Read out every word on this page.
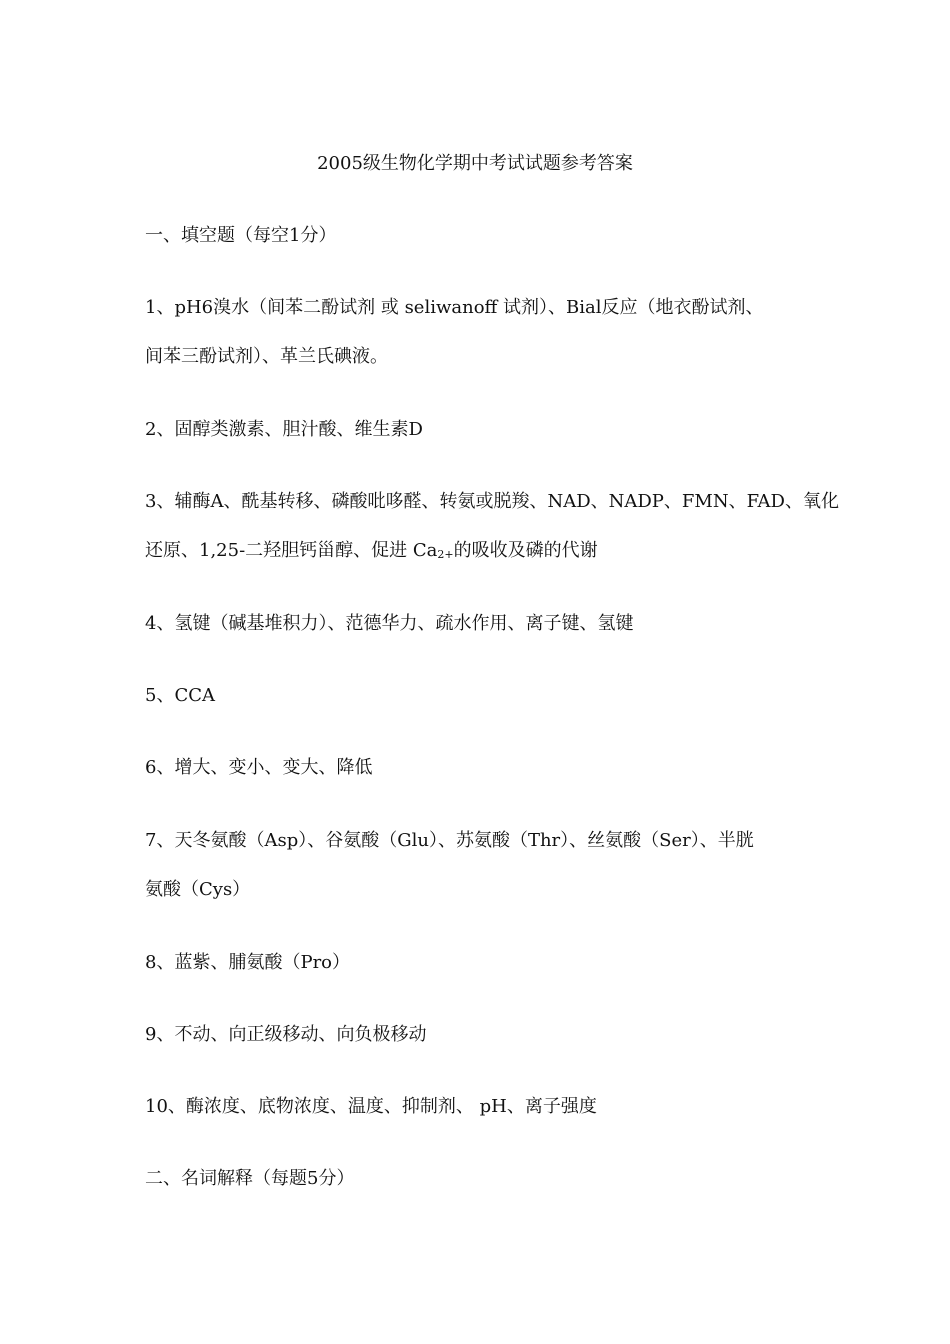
2005级生物化学期中考试试题参考答案
一、填空题（每空1分）
1、pH6溴水（间苯二酚试剂 或 seliwanoff 试剂）、Bial反应（地衣酚试剂、
间苯三酚试剂）、革兰氏碘液。
2、固醇类激素、胆汁酸、维生素D
3、辅酶A、酰基转移、磷酸吡哆醛、转氨或脱羧、NAD、NADP、FMN、FAD、氧化
还原、1,25-二羟胆钙甾醇、促进 $Ca_{2+}$的吸收及磷的代谢
4、氢键（碱基堆积力）、范德华力、疏水作用、离子键、氢键
5、CCA
6、增大、变小、变大、降低
7、天冬氨酸（Asp）、谷氨酸（Glu）、苏氨酸（Thr）、丝氨酸（Ser）、半胱
氨酸（Cys）
8、蓝紫、脯氨酸（Pro）
9、不动、向正级移动、向负极移动
10、酶浓度、底物浓度、温度、抑制剂、 pH、离子强度
二、名词解释（每题5分）
